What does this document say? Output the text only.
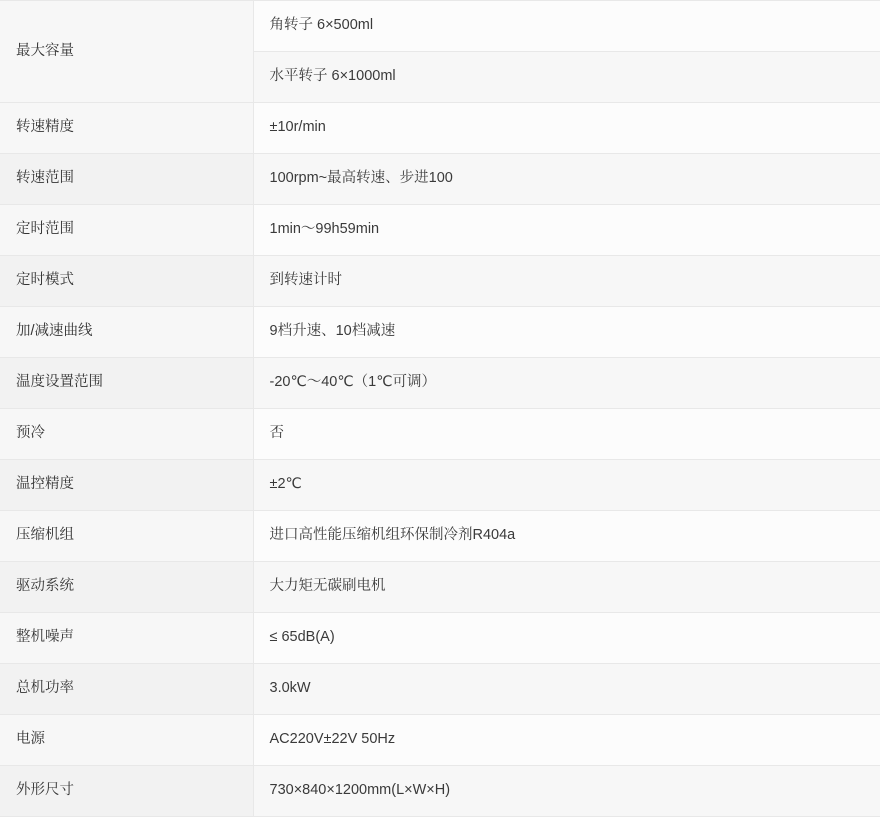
最大容量	角转子 6×500ml
	水平转子 6×1000ml
转速精度	±10r/min
转速范围	100rpm~最高转速、步进100
定时范围	1min～99h59min
定时模式	到转速计时
加/减速曲线	9档升速、10档减速
温度设置范围	-20℃～40℃（1℃可调）
预冷	否
温控精度	±2℃
压缩机组	进口高性能压缩机组环保制冷剂R404a
驱动系统	大力矩无碳刷电机
整机噪声	≤ 65dB(A)
总机功率	3.0kW
电源	AC220V±22V 50Hz
外形尺寸	730×840×1200mm(L×W×H)
